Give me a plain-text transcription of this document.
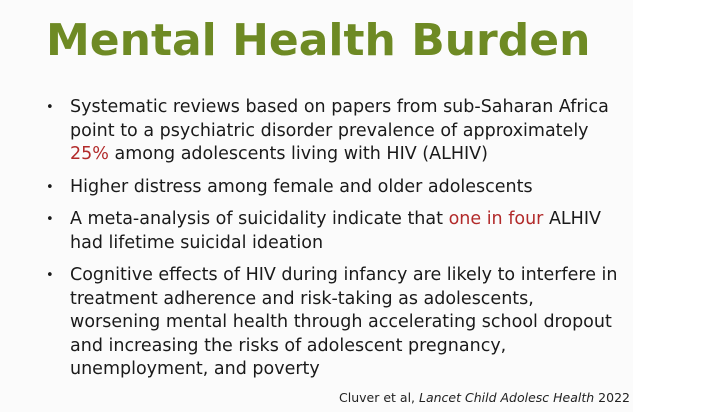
Mental Health Burden
• Systematic reviews based on papers from sub-Saharan Africa point to a psychiatric disorder prevalence of approximately 25% among adolescents living with HIV (ALHIV)
• Higher distress among female and older adolescents
• A meta-analysis of suicidality indicate that one in four ALHIV had lifetime suicidal ideation
• Cognitive effects of HIV during infancy are likely to interfere in treatment adherence and risk-taking as adolescents, worsening mental health through accelerating school dropout and increasing the risks of adolescent pregnancy, unemployment, and poverty
Cluver et al, Lancet Child Adolesc Health 2022
